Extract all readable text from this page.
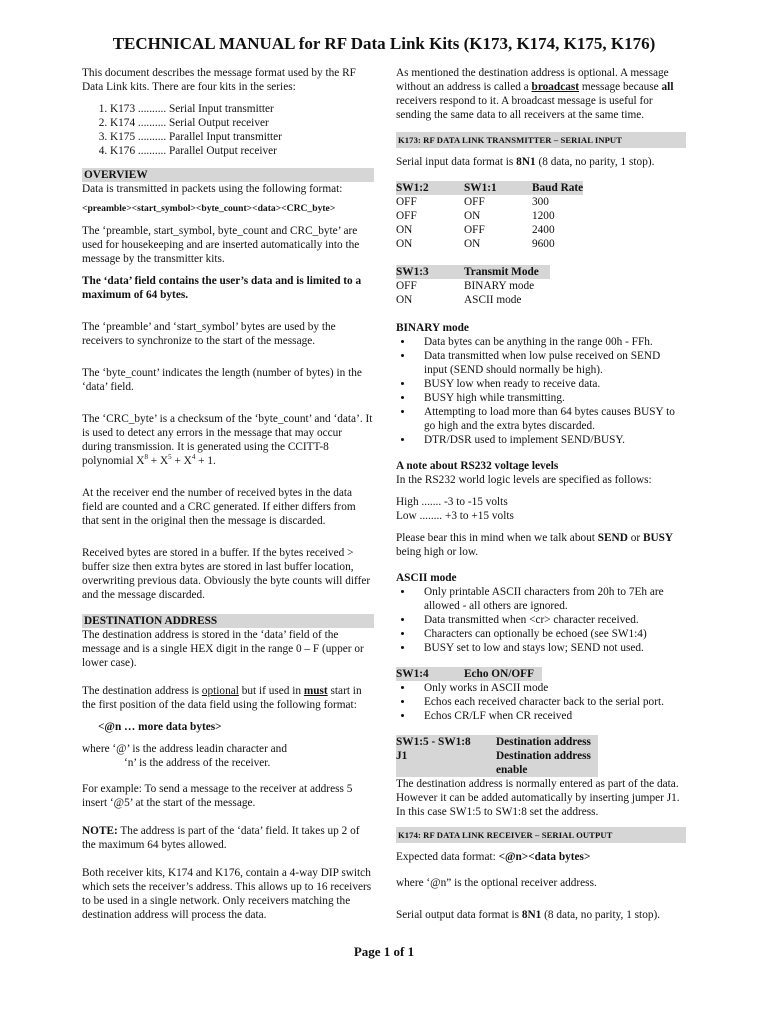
TECHNICAL MANUAL for RF Data Link Kits (K173, K174, K175, K176)

This document describes the message format used by the RF Data Link kits. There are four kits in the series:

1. K173 .......... Serial Input transmitter
2. K174 .......... Serial Output receiver
3. K175 .......... Parallel Input transmitter
4. K176 .......... Parallel Output receiver
OVERVIEW
Data is transmitted in packets using the following format:
<preamble><start_symbol><byte_count><data><CRC_byte>

The ‘preamble, start_symbol, byte_count and CRC_byte’ are used for housekeeping and are inserted automatically into the message by the transmitter kits.

The ‘data’ field contains the user’s data and is limited to a maximum of 64 bytes.

The ‘preamble’ and ‘start_symbol’ bytes are used by the receivers to synchronize to the start of the message.

The ‘byte_count’ indicates the length (number of bytes) in the ‘data’ field.

The ‘CRC_byte’ is a checksum of the ‘byte_count’ and ‘data’. It is used to detect any errors in the message that may occur during transmission. It is generated using the CCITT-8 polynomial $X^8 + X^5 + X^4 + 1$.

At the receiver end the number of received bytes in the data field are counted and a CRC generated. If either differs from that sent in the original then the message is discarded.

Received bytes are stored in a buffer. If the bytes received > buffer size then extra bytes are stored in last buffer location, overwriting previous data. Obviously the byte counts will differ and the message discarded.

DESTINATION ADDRESS

The destination address is stored in the ‘data’ field of the message and is a single HEX digit in the range 0 – F (upper or lower case).

The destination address is optional but if used in must start in the first position of the data field using the following format:

<@n … more data bytes>
where ‘@’ is the address leadin character and
‘n’ is the address of the receiver.

For example: To send a message to the receiver at address 5 insert ‘@5’ at the start of the message.

NOTE: The address is part of the ‘data’ field. It takes up 2 of the maximum 64 bytes allowed.

Both receiver kits, K174 and K176, contain a 4-way DIP switch which sets the receiver’s address. This allows up to 16 receivers to be used in a single network. Only receivers matching the destination address will process the data.

As mentioned the destination address is optional. A message without an address is called a broadcast message because all receivers respond to it. A broadcast message is useful for sending the same data to all receivers at the same time.

K173: RF DATA LINK TRANSMITTER – SERIAL INPUT

Serial input data format is 8N1 (8 data, no parity, 1 stop).

SW1:2	SW1:1	Baud Rate
OFF	OFF	300
OFF	ON	1200
ON	OFF	2400
ON	ON	9600
SW1:3	Transmit Mode
OFF	BINARY mode
ON	ASCII mode
BINARY mode
• Data bytes can be anything in the range 00h - FFh.
• Data transmitted when low pulse received on SEND input (SEND should normally be high).
• BUSY low when ready to receive data.
• BUSY high while transmitting.
• Attempting to load more than 64 bytes causes BUSY to go high and the extra bytes discarded.
• DTR/DSR used to implement SEND/BUSY.
A note about RS232 voltage levels

In the RS232 world logic levels are specified as follows:

High ....... -3 to -15 volts
Low ........ +3 to +15 volts

Please bear this in mind when we talk about SEND or BUSY being high or low.

ASCII mode
• Only printable ASCII characters from 20h to 7Eh are allowed - all others are ignored.
• Data transmitted when <cr> character received.
• Characters can optionally be echoed (see SW1:4)
• BUSY set to low and stays low; SEND not used.
SW1:4	Echo ON/OFF
• Only works in ASCII mode
• Echos each received character back to the serial port.
• Echos CR/LF when CR received
SW1:5 - SW1:8	Destination address
J1	Destination address enable

The destination address is normally entered as part of the data. However it can be added automatically by inserting jumper J1. In this case SW1:5 to SW1:8 set the address.

K174: RF DATA LINK RECEIVER – SERIAL OUTPUT

Expected data format: <@n><data bytes>

where ‘@n” is the optional receiver address.

Serial output data format is 8N1 (8 data, no parity, 1 stop).

Page 1 of 1
